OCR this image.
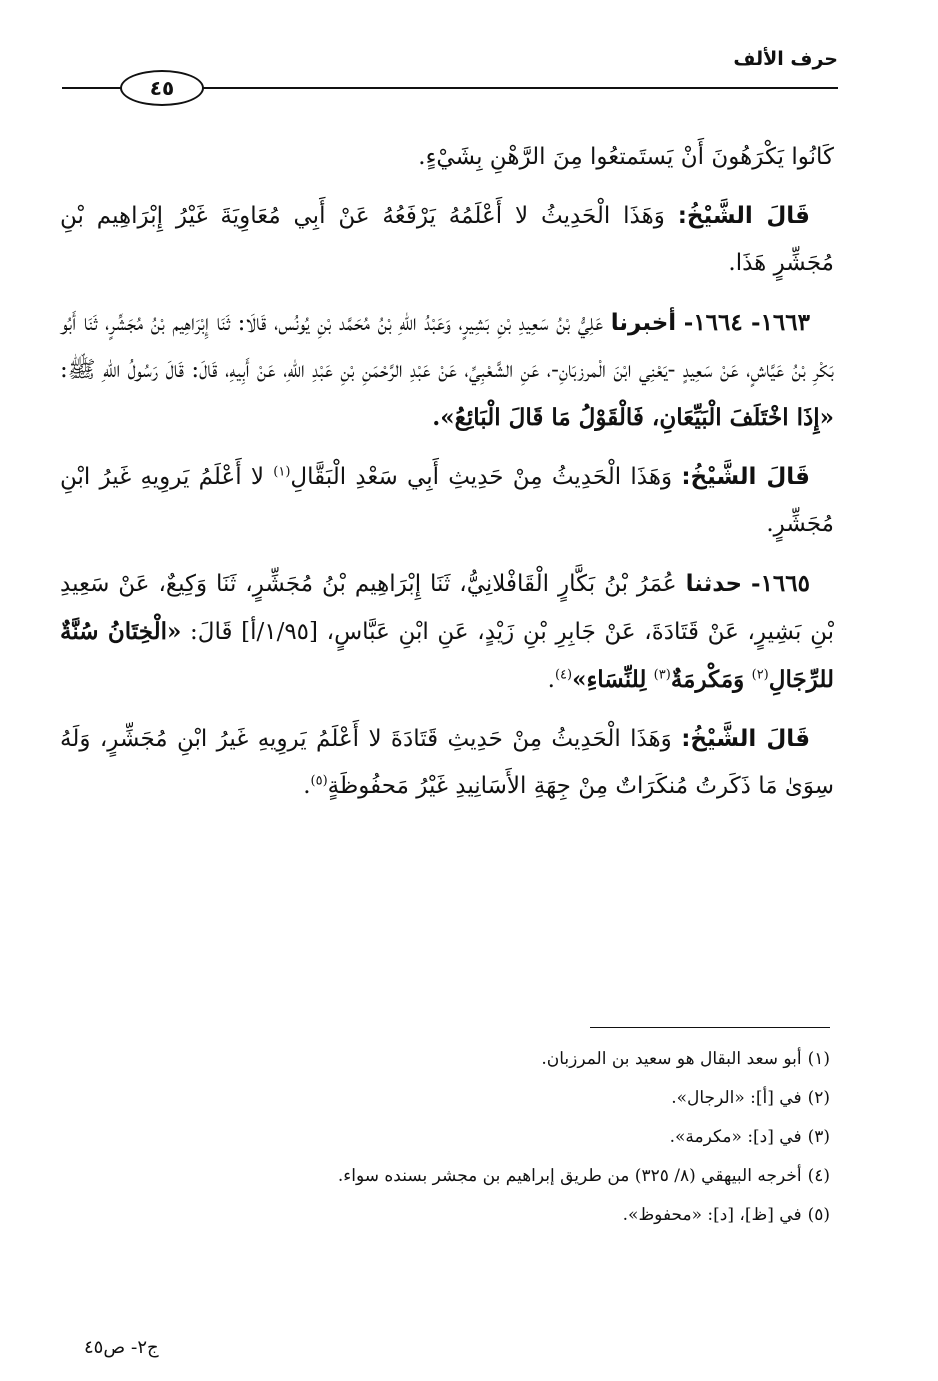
حرف الألف
٤٥

كَانُوا يَكْرَهُونَ أَنْ يَستَمتعُوا مِنَ الرَّهْنِ بِشَيْءٍ.

قَالَ الشَّيْخُ: وَهَذَا الْحَدِيثُ لا أَعْلَمُهُ يَرْفَعُهُ عَنْ أَبِي مُعَاوِيَةَ غَيْرُ إِبْرَاهِيم بْنِ مُجَشِّرٍ هَذَا.

١٦٦٣- ١٦٦٤- أخبرنا عَلِيُّ بْنُ سَعِيدِ بْنِ بَشِيرٍ، وَعَبْدُ اللهِ بْنُ مُحَمَّد بْنِ يُونُس، قَالَا: ثَنَا إِبْرَاهِيم بْنُ مُجَشِّرٍ، ثَنَا أَبُو بَكْرِ بْنُ عَيَّاشٍ، عَنْ سَعِيدٍ -يَعْنِي ابْنَ الْمرزبَانِ-، عَنِ الشَّعْبِيِّ، عَنْ عَبْدِ الرَّحْمَنِ بْنِ عَبْدِ اللهِ، عَنْ أَبِيهِ، قَالَ: قَالَ رَسُولُ اللهِ ﷺ: «إِذَا اخْتَلَفَ الْبَيِّعَانِ، فَالْقَوْلُ مَا قَالَ الْبَائِعُ».

قَالَ الشَّيْخُ: وَهَذَا الْحَدِيثُ مِنْ حَدِيثِ أَبِي سَعْدِ الْبَقَّالِ$^{(١)}$ لا أَعْلَمُ يَروِيهِ غَيرُ ابْنِ مُجَشِّرٍ.

١٦٦٥- حدثنا عُمَرُ بْنُ بَكَّارٍ الْقَافْلانِيُّ، ثَنَا إِبْرَاهِيم بْنُ مُجَشِّرٍ، ثَنَا وَكِيعٌ، عَنْ سَعِيدِ بْنِ بَشِيرٍ، عَنْ قَتَادَةَ، عَنْ جَابِرِ بْنِ زَيْدٍ، عَنِ ابْنِ عَبَّاسٍ، [١/٩٥/أ] قَالَ: «الْخِتَانُ سُنَّةٌ للرِّجَالِ$^{(٢)}$ وَمَكْرمَةٌ$^{(٣)}$ لِلنِّسَاءِ»$^{(٤)}$.

قَالَ الشَّيْخُ: وَهَذَا الْحَدِيثُ مِنْ حَدِيثِ قَتَادَةَ لا أَعْلَمُ يَروِيهِ غَيرُ ابْنِ مُجَشِّرٍ، وَلَهُ سِوَىٰ مَا ذَكَرتُ مُنكَرَاتٌ مِنْ جِهَةِ الأَسَانِيدِ غَيْرُ مَحفُوظَةٍ$^{(٥)}$.

(١)أبو سعد البقال هو سعيد بن المرزبان.

(٢)في [أ]: «الرجال».

(٣)في [د]: «مكرمة».

(٤)أخرجه البيهقي (٨/ ٣٢٥) من طريق إبراهيم بن مجشر بسنده سواء.

(٥)في [ظ]، [د]: «محفوظ».

ج٢- ص٤٥
